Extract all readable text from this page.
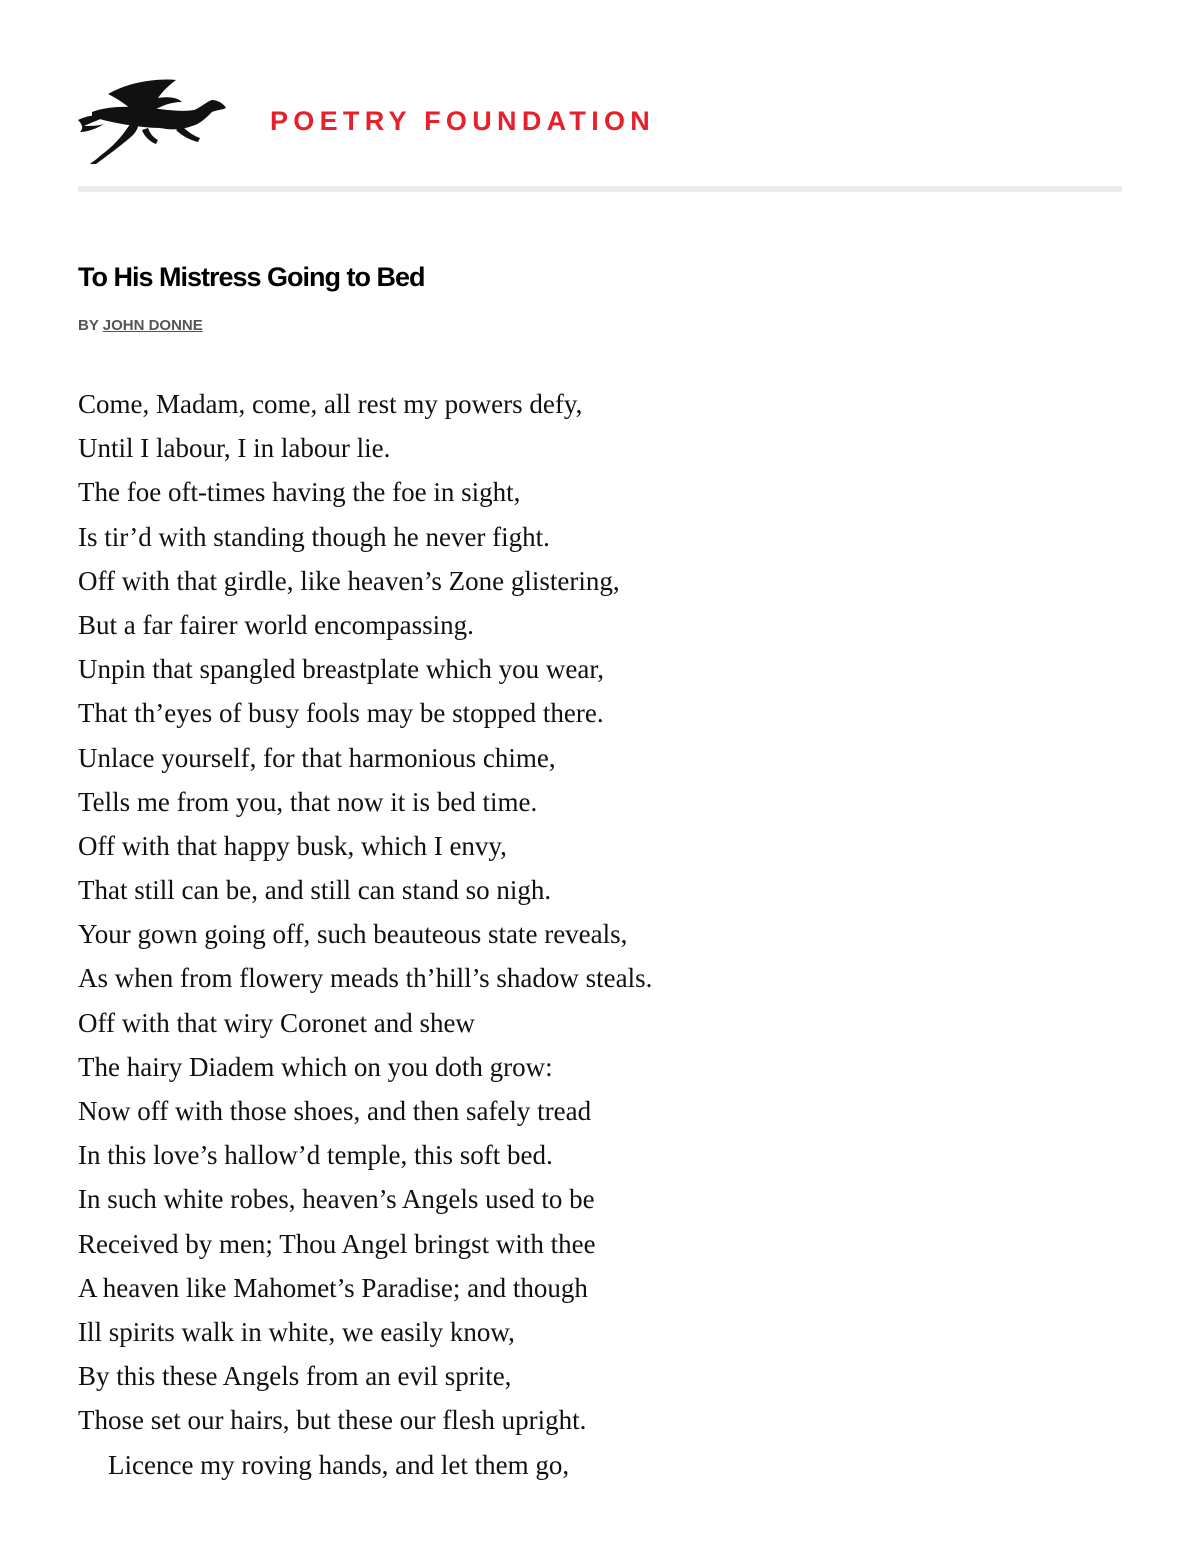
POETRY FOUNDATION
To His Mistress Going to Bed
BY JOHN DONNE
Come, Madam, come, all rest my powers defy,
Until I labour, I in labour lie.
The foe oft-times having the foe in sight,
Is tir’d with standing though he never fight.
Off with that girdle, like heaven’s Zone glistering,
But a far fairer world encompassing.
Unpin that spangled breastplate which you wear,
That th’eyes of busy fools may be stopped there.
Unlace yourself, for that harmonious chime,
Tells me from you, that now it is bed time.
Off with that happy busk, which I envy,
That still can be, and still can stand so nigh.
Your gown going off, such beauteous state reveals,
As when from flowery meads th’hill’s shadow steals.
Off with that wiry Coronet and shew
The hairy Diadem which on you doth grow:
Now off with those shoes, and then safely tread
In this love’s hallow’d temple, this soft bed.
In such white robes, heaven’s Angels used to be
Received by men; Thou Angel bringst with thee
A heaven like Mahomet’s Paradise; and though
Ill spirits walk in white, we easily know,
By this these Angels from an evil sprite,
Those set our hairs, but these our flesh upright.
Licence my roving hands, and let them go,
